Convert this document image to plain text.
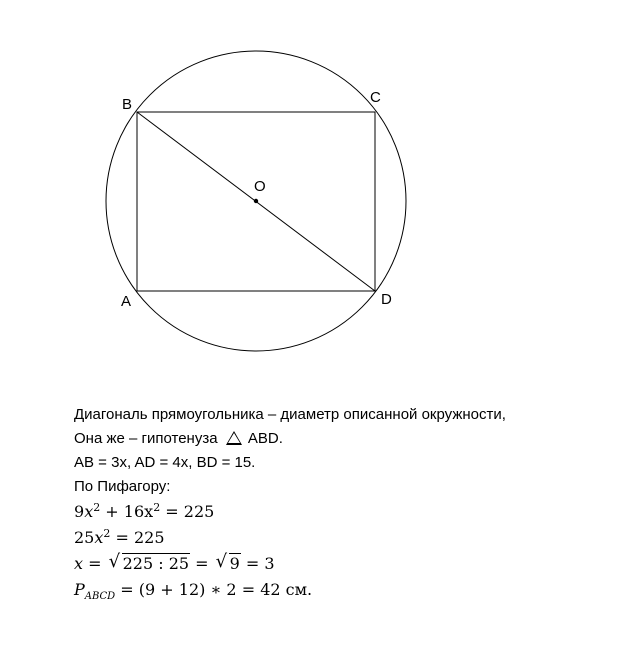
B	C
O
A	D
Диагональ прямоугольника – диаметр описанной окружности,
Она же – гипотенуза ABD.
AB = 3x, AD = 4x, BD = 15.
По Пифагору:
$9x^2 + 16x^2 = 225$
$25x^2 = 225$
x = √ 225 : 25 = √ 9 = 3
$P_{ABCD} = (9 + 12)$ ∗ 2 = 42 см.
